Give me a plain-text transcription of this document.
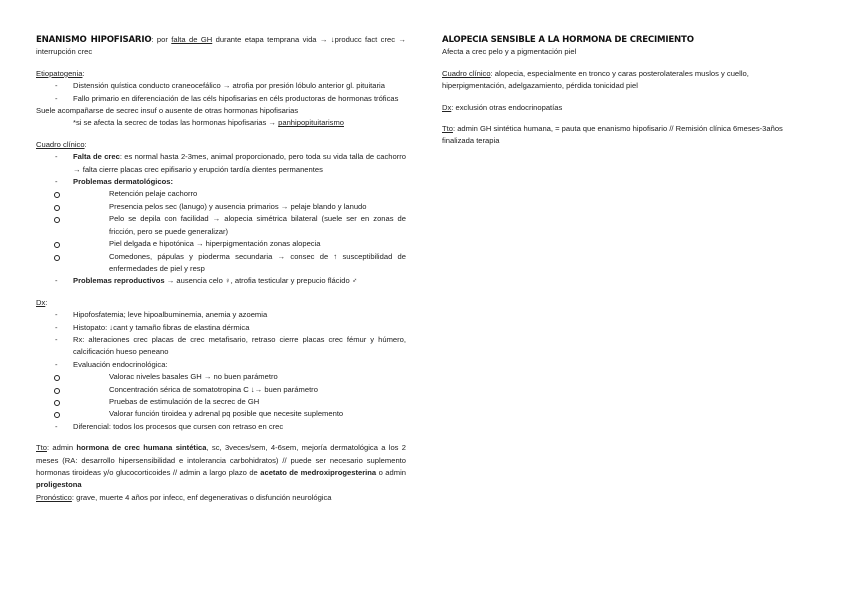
ENANISMO HIPOFISARIO: por falta de GH durante etapa temprana vida → ↓producc fact crec → interrupción crec
Etiopatogenia:
- Distensión quística conducto craneocefálico → atrofia por presión lóbulo anterior gl. pituitaria
- Fallo primario en diferenciación de las céls hipofisarias en céls productoras de hormonas tróficas
Suele acompañarse de secrec insuf o ausente de otras hormonas hipofisarias
*si se afecta la secrec de todas las hormonas hipofisarias → panhipopituitarismo
Cuadro clínico:
- Falta de crec: es normal hasta 2-3mes, animal proporcionado, pero toda su vida talla de cachorro → falta cierre placas crec epifisario y erupción tardía dientes permanentes
- Problemas dermatológicos:
Retención pelaje cachorro
Presencia pelos sec (lanugo) y ausencia primarios → pelaje blando y lanudo
Pelo se depila con facilidad → alopecia simétrica bilateral (suele ser en zonas de fricción, pero se puede generalizar)
Piel delgada e hipotónica → hiperpigmentación zonas alopecia
Comedones, pápulas y pioderma secundaria → consec de ↑ susceptibilidad de enfermedades de piel y resp
- Problemas reproductivos → ausencia celo ♀, atrofia testicular y prepucio flácido ♂
Dx:
- Hipofosfatemia; leve hipoalbuminemia, anemia y azoemia
- Histopato: ↓cant y tamaño fibras de elastina dérmica
- Rx: alteraciones crec placas de crec metafisario, retraso cierre placas crec fémur y húmero, calcificación hueso peneano
- Evaluación endocrinológica:
Valorac niveles basales GH → no buen parámetro
Concentración sérica de somatotropina C ↓→ buen parámetro
Pruebas de estimulación de la secrec de GH
Valorar función tiroidea y adrenal pq posible que necesite suplemento
- Diferencial: todos los procesos que cursen con retraso en crec
Tto: admin hormona de crec humana sintética, sc, 3veces/sem, 4-6sem, mejoría dermatológica a los 2 meses (RA: desarrollo hipersensibilidad e intolerancia carbohidratos) // puede ser necesario suplemento hormonas tiroideas y/o glucocorticoides // admin a largo plazo de acetato de medroxiprogesterina o admin proligestona
Pronóstico: grave, muerte 4 años por infecc, enf degenerativas o disfunción neurológica
ALOPECIA SENSIBLE A LA HORMONA DE CRECIMIENTO
Afecta a crec pelo y a pigmentación piel
Cuadro clínico: alopecia, especialmente en tronco y caras posterolaterales muslos y cuello, hiperpigmentación, adelgazamiento, pérdida tonicidad piel
Dx: exclusión otras endocrinopatías
Tto: admin GH sintética humana, = pauta que enanismo hipofisario // Remisión clínica 6meses-3años finalizada terapia
